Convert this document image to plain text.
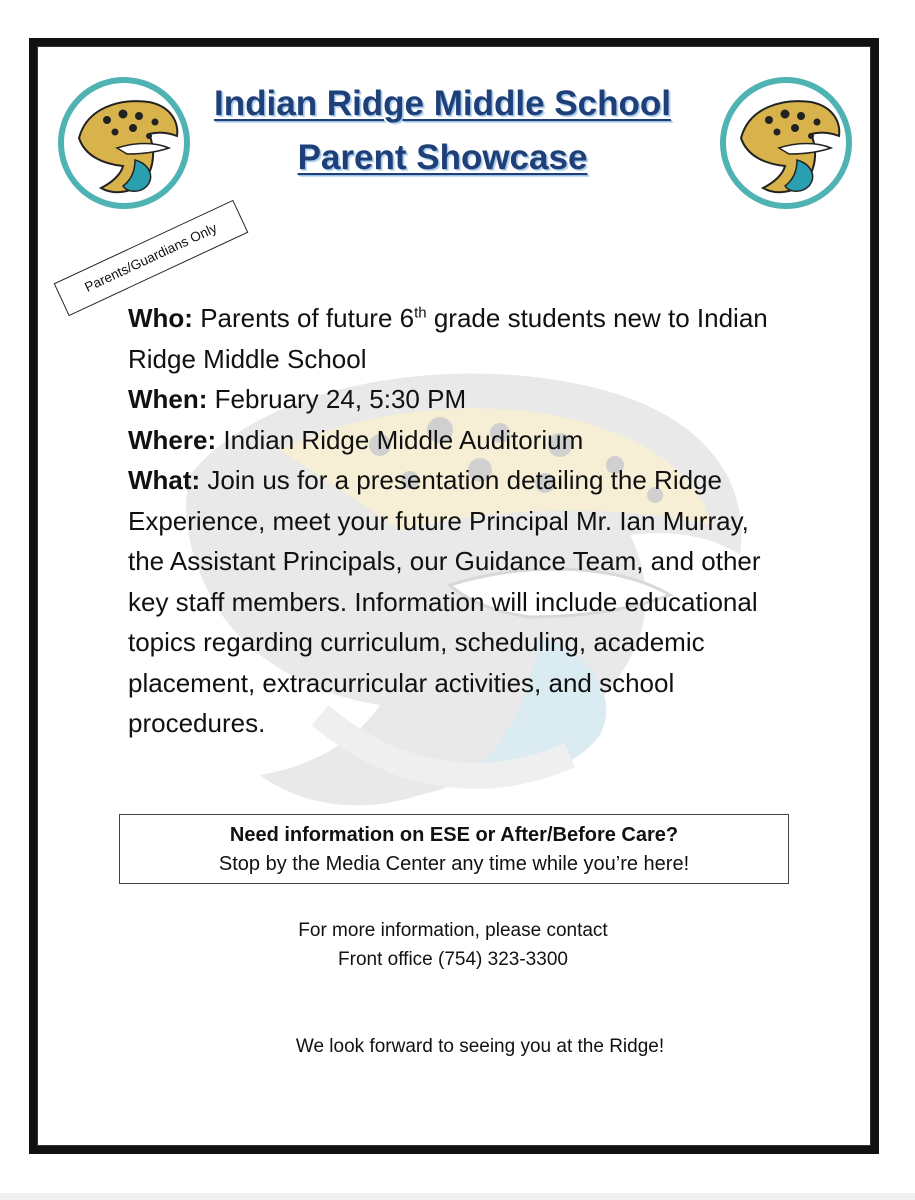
Indian Ridge Middle School
Parent Showcase
Parents/Guardians Only

Who: Parents of future 6th grade students new to Indian Ridge Middle School

When: February 24, 5:30 PM

Where: Indian Ridge Middle Auditorium

What: Join us for a presentation detailing the Ridge Experience, meet your future Principal Mr. Ian Murray, the Assistant Principals, our Guidance Team, and other key staff members. Information will include educational topics regarding curriculum, scheduling, academic placement, extracurricular activities, and school procedures.

Need information on ESE or After/Before Care?
Stop by the Media Center any time while you’re here!
For more information, please contact
Front office (754) 323-3300
We look forward to seeing you at the Ridge!
